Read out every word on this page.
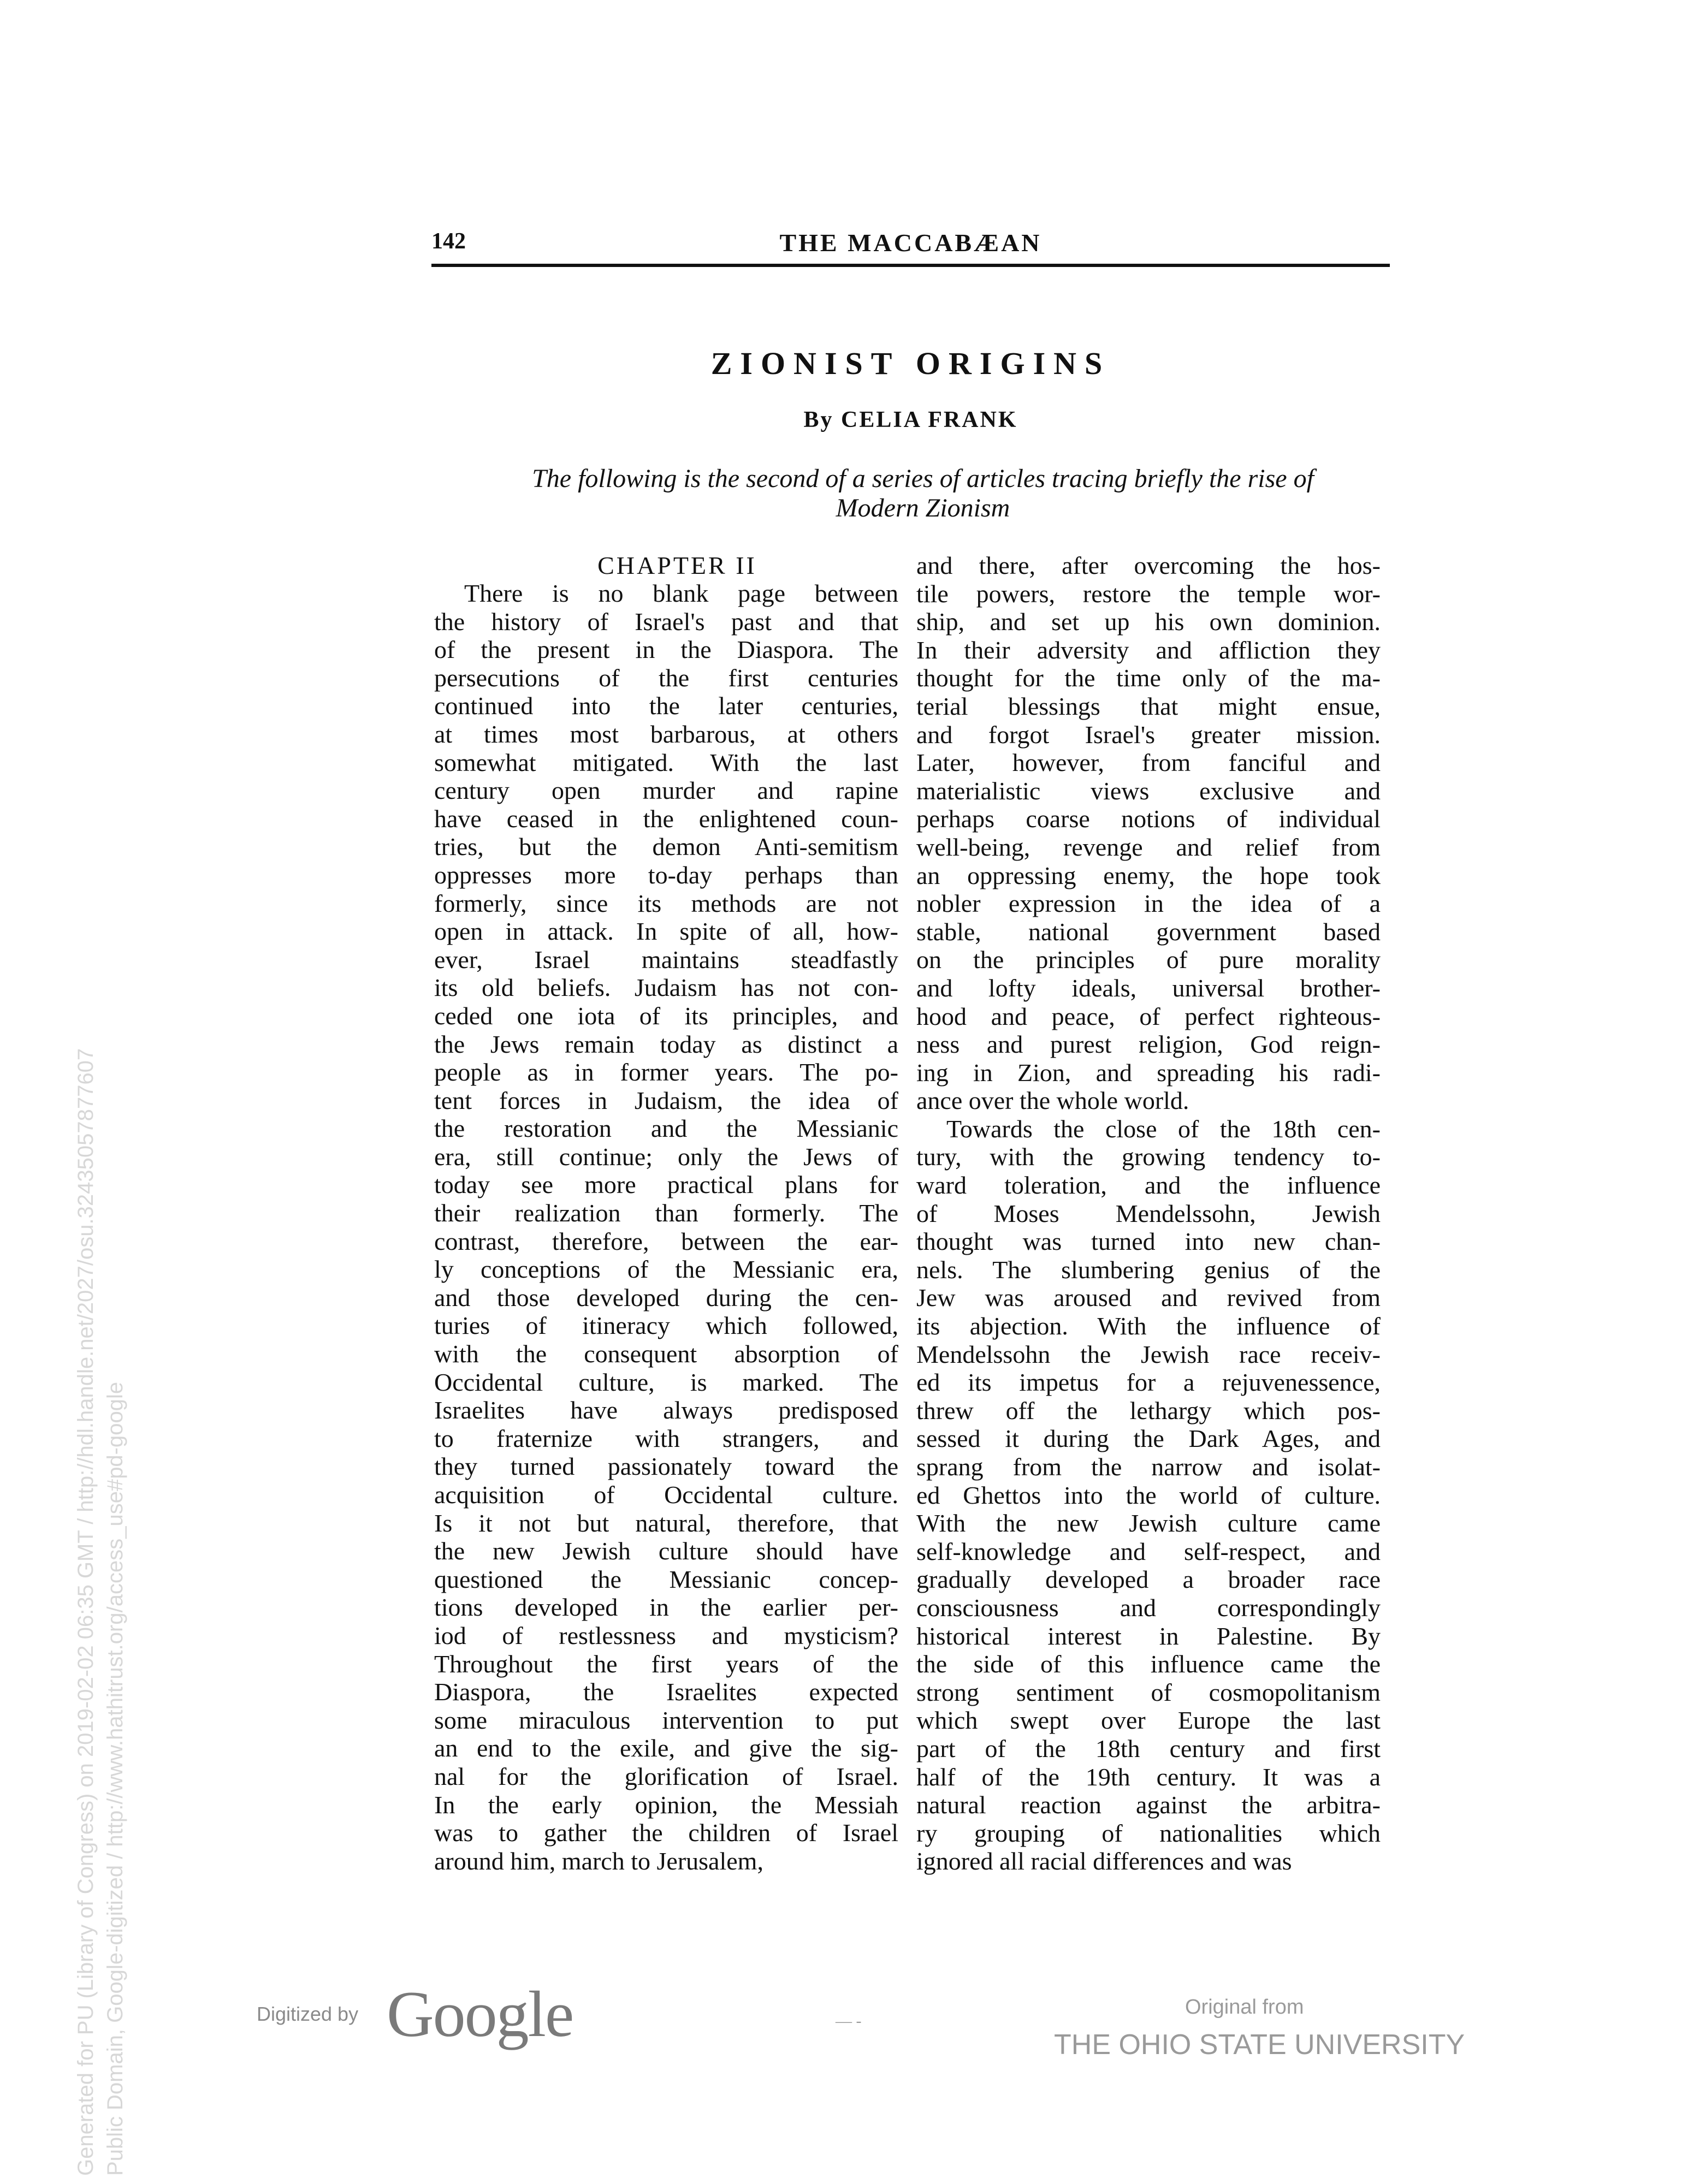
142	THE MACCABÆAN
ZIONIST ORIGINS
By CELIA FRANK
The following is the second of a series of articles tracing briefly the rise of
Modern Zionism
CHAPTER II
There is no blank page between
the history of Israel's past and that
of the present in the Diaspora. The
persecutions of the first centuries
continued into the later centuries,
at times most barbarous, at others
somewhat mitigated. With the last
century open murder and rapine
have ceased in the enlightened coun-
tries, but the demon Anti-semitism
oppresses more to-day perhaps than
formerly, since its methods are not
open in attack. In spite of all, how-
ever, Israel maintains steadfastly
its old beliefs. Judaism has not con-
ceded one iota of its principles, and
the Jews remain today as distinct a
people as in former years. The po-
tent forces in Judaism, the idea of
the restoration and the Messianic
era, still continue; only the Jews of
today see more practical plans for
their realization than formerly. The
contrast, therefore, between the ear-
ly conceptions of the Messianic era,
and those developed during the cen-
turies of itineracy which followed,
with the consequent absorption of
Occidental culture, is marked. The
Israelites have always predisposed
to fraternize with strangers, and
they turned passionately toward the
acquisition of Occidental culture.
Is it not but natural, therefore, that
the new Jewish culture should have
questioned the Messianic concep-
tions developed in the earlier per-
iod of restlessness and mysticism?
Throughout the first years of the
Diaspora, the Israelites expected
some miraculous intervention to put
an end to the exile, and give the sig-
nal for the glorification of Israel.
In the early opinion, the Messiah
was to gather the children of Israel
around him, march to Jerusalem,
and there, after overcoming the hos-
tile powers, restore the temple wor-
ship, and set up his own dominion.
In their adversity and affliction they
thought for the time only of the ma-
terial blessings that might ensue,
and forgot Israel's greater mission.
Later, however, from fanciful and
materialistic views exclusive and
perhaps coarse notions of individual
well-being, revenge and relief from
an oppressing enemy, the hope took
nobler expression in the idea of a
stable, national government based
on the principles of pure morality
and lofty ideals, universal brother-
hood and peace, of perfect righteous-
ness and purest religion, God reign-
ing in Zion, and spreading his radi-
ance over the whole world.
Towards the close of the 18th cen-
tury, with the growing tendency to-
ward toleration, and the influence
of Moses Mendelssohn, Jewish
thought was turned into new chan-
nels. The slumbering genius of the
Jew was aroused and revived from
its abjection. With the influence of
Mendelssohn the Jewish race receiv-
ed its impetus for a rejuvenessence,
threw off the lethargy which pos-
sessed it during the Dark Ages, and
sprang from the narrow and isolat-
ed Ghettos into the world of culture.
With the new Jewish culture came
self-knowledge and self-respect, and
gradually developed a broader race
consciousness and correspondingly
historical interest in Palestine. By
the side of this influence came the
strong sentiment of cosmopolitanism
which swept over Europe the last
part of the 18th century and first
half of the 19th century. It was a
natural reaction against the arbitra-
ry grouping of nationalities which
ignored all racial differences and was
Digitized by Google	— -
Original from
THE OHIO STATE UNIVERSITY
Generated for PU (Library of Congress) on 2019-02-02 06:35 GMT / http://hdl.handle.net/2027/osu.32435057877607 Public Domain, Google-digitized / http://www.hathitrust.org/access_use#pd-google
